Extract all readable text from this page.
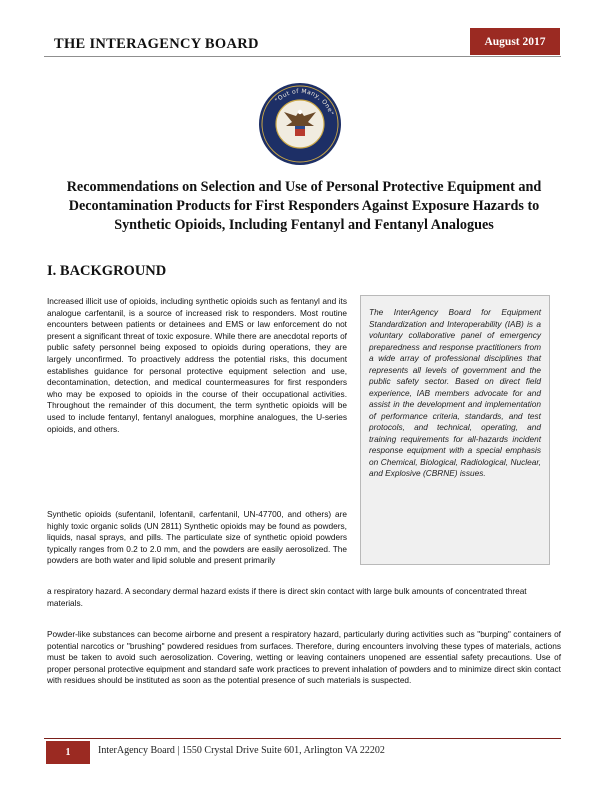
THE INTERAGENCY BOARD	August 2017
"Out of Many, One"
Recommendations on Selection and Use of Personal Protective Equipment and Decontamination Products for First Responders Against Exposure Hazards to Synthetic Opioids, Including Fentanyl and Fentanyl Analogues
I. BACKGROUND

Increased illicit use of opioids, including synthetic opioids such as fentanyl and its analogue carfentanil, is a source of increased risk to responders. Most routine encounters between patients or detainees and EMS or law enforcement do not present a significant threat of toxic exposure. While there are anecdotal reports of public safety personnel being exposed to opioids during operations, they are largely unconfirmed. To proactively address the potential risks, this document establishes guidance for personal protective equipment selection and use, decontamination, detection, and medical countermeasures for first responders who may be exposed to opioids in the course of their occupational activities. Throughout the remainder of this document, the term synthetic opioids will be used to include fentanyl, fentanyl analogues, morphine analogues, the U-series opioids, and others.

The InterAgency Board for Equipment Standardization and Interoperability (IAB) is a voluntary collaborative panel of emergency preparedness and response practitioners from a wide array of professional disciplines that represents all levels of government and the public safety sector. Based on direct field experience, IAB members advocate for and assist in the development and implementation of performance criteria, standards, and test protocols, and technical, operating, and training requirements for all-hazards incident response equipment with a special emphasis on Chemical, Biological, Radiological, Nuclear, and Explosive (CBRNE) issues.

Synthetic opioids (sufentanil, lofentanil, carfentanil, UN-47700, and others) are highly toxic organic solids (UN 2811) Synthetic opioids may be found as powders, liquids, nasal sprays, and pills. The particulate size of synthetic opioid powders typically ranges from 0.2 to 2.0 mm, and the powders are easily aerosolized. The powders are both water and lipid soluble and present primarily

a respiratory hazard. A secondary dermal hazard exists if there is direct skin contact with large bulk amounts of concentrated threat materials.

Powder-like substances can become airborne and present a respiratory hazard, particularly during activities such as "burping" containers of potential narcotics or "brushing" powdered residues from surfaces. Therefore, during encounters involving these types of materials, actions must be taken to avoid such aerosolization. Covering, wetting or leaving containers unopened are essential safety precautions. Use of proper personal protective equipment and standard safe work practices to prevent inhalation of powders and to minimize direct skin contact with residues should be instituted as soon as the potential presence of such materials is suspected.

1	InterAgency Board | 1550 Crystal Drive Suite 601, Arlington VA 22202
